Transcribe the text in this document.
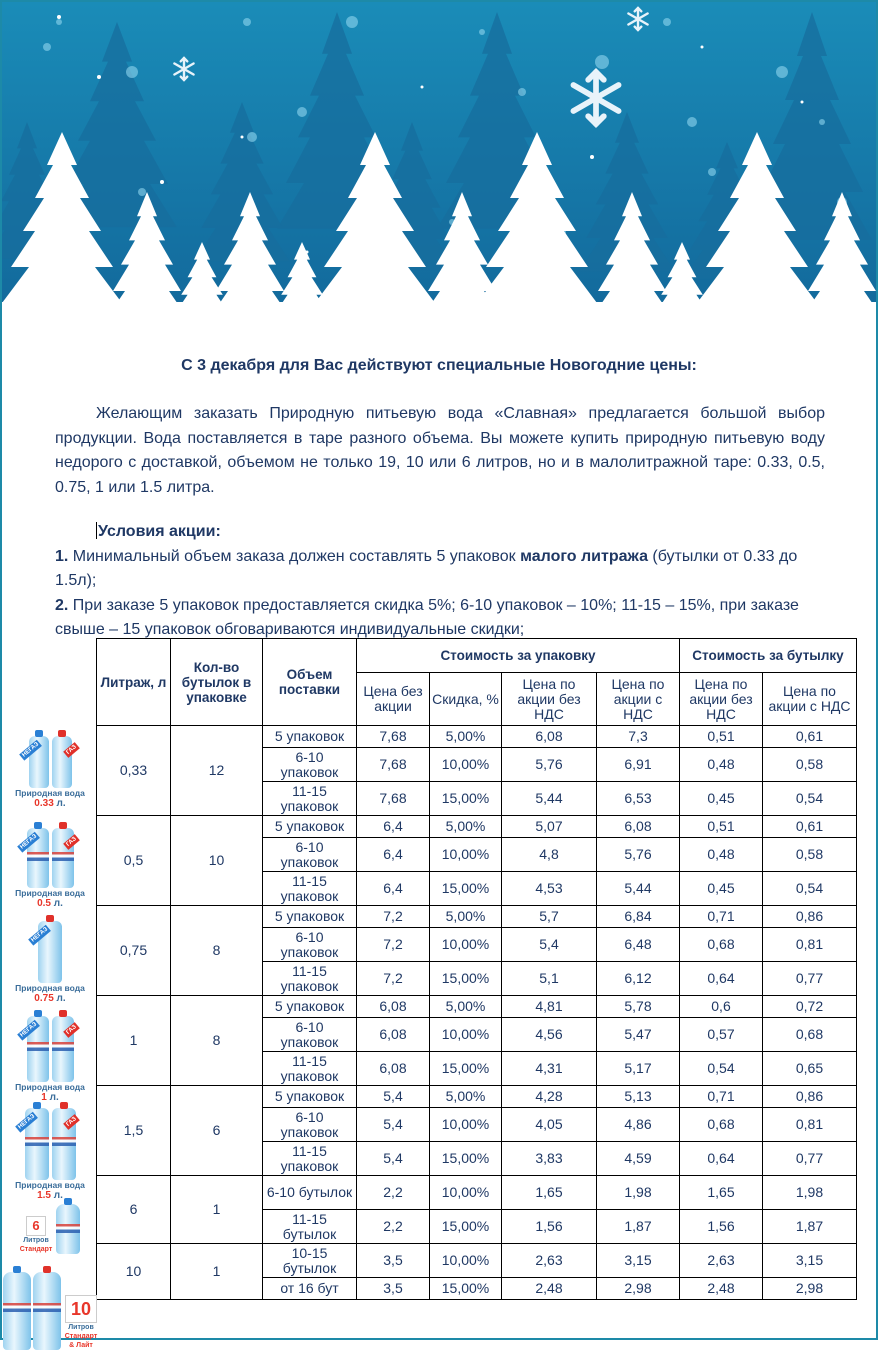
С 3 декабря для Вас действуют специальные Новогодние цены:
Желающим заказать Природную питьевую вода «Славная» предлагается большой выбор продукции. Вода поставляется в таре разного объема. Вы можете купить природную питьевую воду недорого с доставкой, объемом не только 19, 10 или 6 литров, но и в малолитражной таре: 0.33, 0.5, 0.75, 1 или 1.5 литра.
Условия акции:
1. Минимальный объем заказа должен составлять 5 упаковок малого литража (бутылки от 0.33 до 1.5л);
2. При заказе 5 упаковок предоставляется скидка 5%; 6-10 упаковок – 10%; 11-15 – 15%, при заказе свыше – 15 упаковок обговариваются индивидуальные скидки;
Литраж, л	Кол-во бутылок в упаковке	Объем поставки	Стоимость за упаковку				Стоимость за бутылку	
			Цена без акции	Скидка, %	Цена по акции без НДС	Цена по акции с НДС	Цена по акции без НДС	Цена по акции с НДС
0,33	12	5 упаковок	7,68	5,00%	6,08	7,3	0,51	0,61
		6-10 упаковок	7,68	10,00%	5,76	6,91	0,48	0,58
		11-15 упаковок	7,68	15,00%	5,44	6,53	0,45	0,54
0,5	10	5 упаковок	6,4	5,00%	5,07	6,08	0,51	0,61
		6-10 упаковок	6,4	10,00%	4,8	5,76	0,48	0,58
		11-15 упаковок	6,4	15,00%	4,53	5,44	0,45	0,54
0,75	8	5 упаковок	7,2	5,00%	5,7	6,84	0,71	0,86
		6-10 упаковок	7,2	10,00%	5,4	6,48	0,68	0,81
		11-15 упаковок	7,2	15,00%	5,1	6,12	0,64	0,77
1	8	5 упаковок	6,08	5,00%	4,81	5,78	0,6	0,72
		6-10 упаковок	6,08	10,00%	4,56	5,47	0,57	0,68
		11-15 упаковок	6,08	15,00%	4,31	5,17	0,54	0,65
1,5	6	5 упаковок	5,4	5,00%	4,28	5,13	0,71	0,86
		6-10 упаковок	5,4	10,00%	4,05	4,86	0,68	0,81
		11-15 упаковок	5,4	15,00%	3,83	4,59	0,64	0,77
6	1	6-10 бутылок	2,2	10,00%	1,65	1,98	1,65	1,98
		11-15 бутылок	2,2	15,00%	1,56	1,87	1,56	1,87
10	1	10-15 бутылок	3,5	10,00%	2,63	3,15	2,63	3,15
		от 16 бут	3,5	15,00%	2,48	2,98	2,48	2,98
НЕГАЗ	ГАЗ
Природная вода
0.33 л.
НЕГАЗ	ГАЗ
Природная вода
0.5 л.
НЕГАЗ
Природная вода
0.75 л.
НЕГАЗ	ГАЗ
Природная вода
1 л.
НЕГАЗ	ГАЗ
Природная вода
1.5 л.
6
Литров
Стандарт
10
Литров
Стандарт
& Лайт
